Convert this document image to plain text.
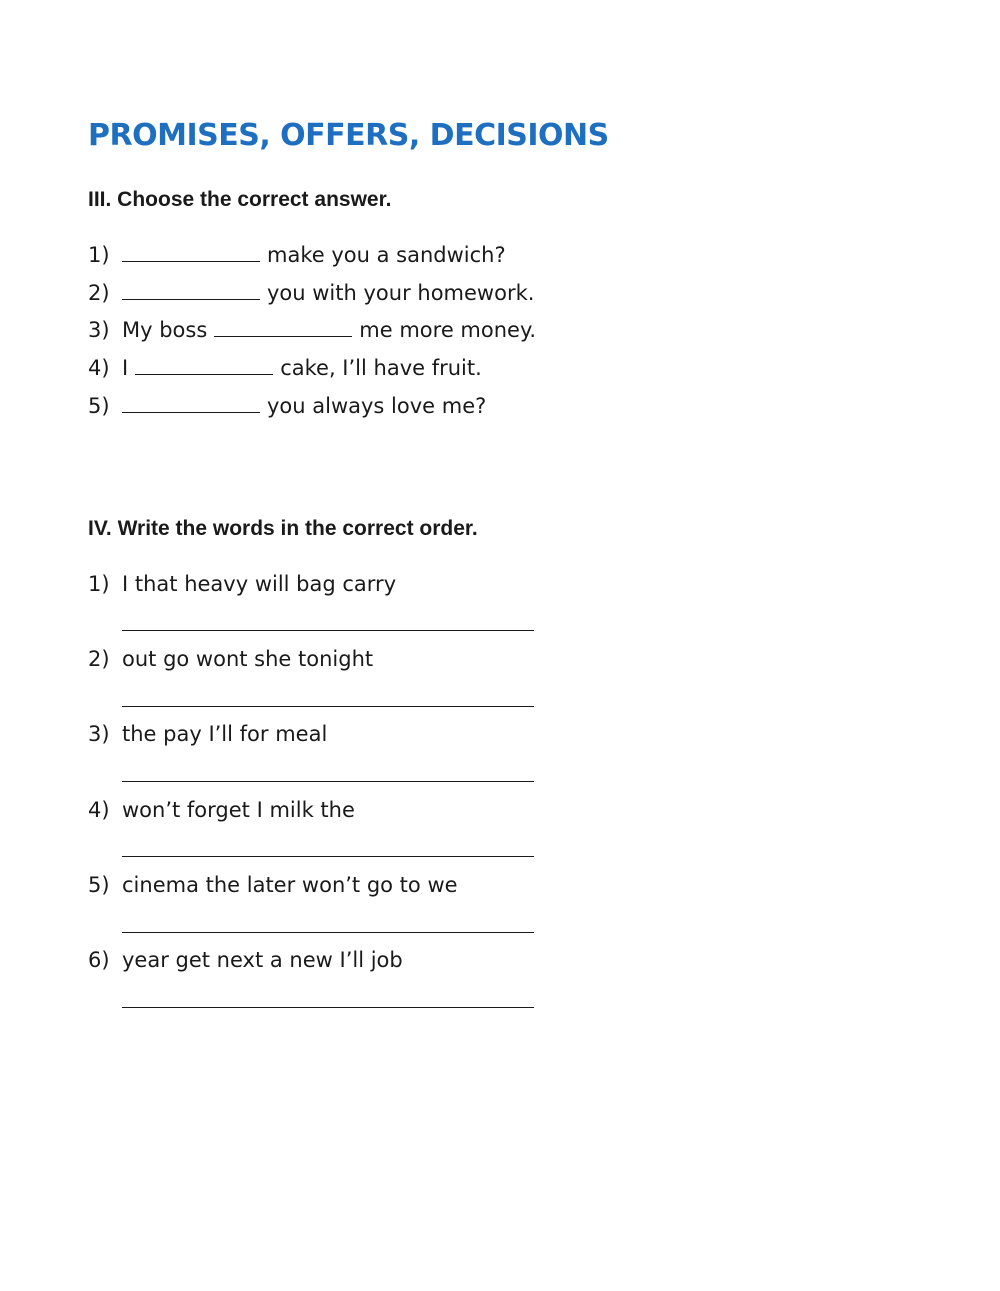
PROMISES, OFFERS, DECISIONS
III. Choose the correct answer.
1)	make you a sandwich?
2)	you with your homework.
3) My boss	me more money.
4) I	cake, I’ll have fruit.
5)	you always love me?
IV. Write the words in the correct order.
1) I that heavy will bag carry
2) out go wont she tonight
3) the pay I’ll for meal
4) won’t forget I milk the
5) cinema the later won’t go to we
6) year get next a new I’ll job
